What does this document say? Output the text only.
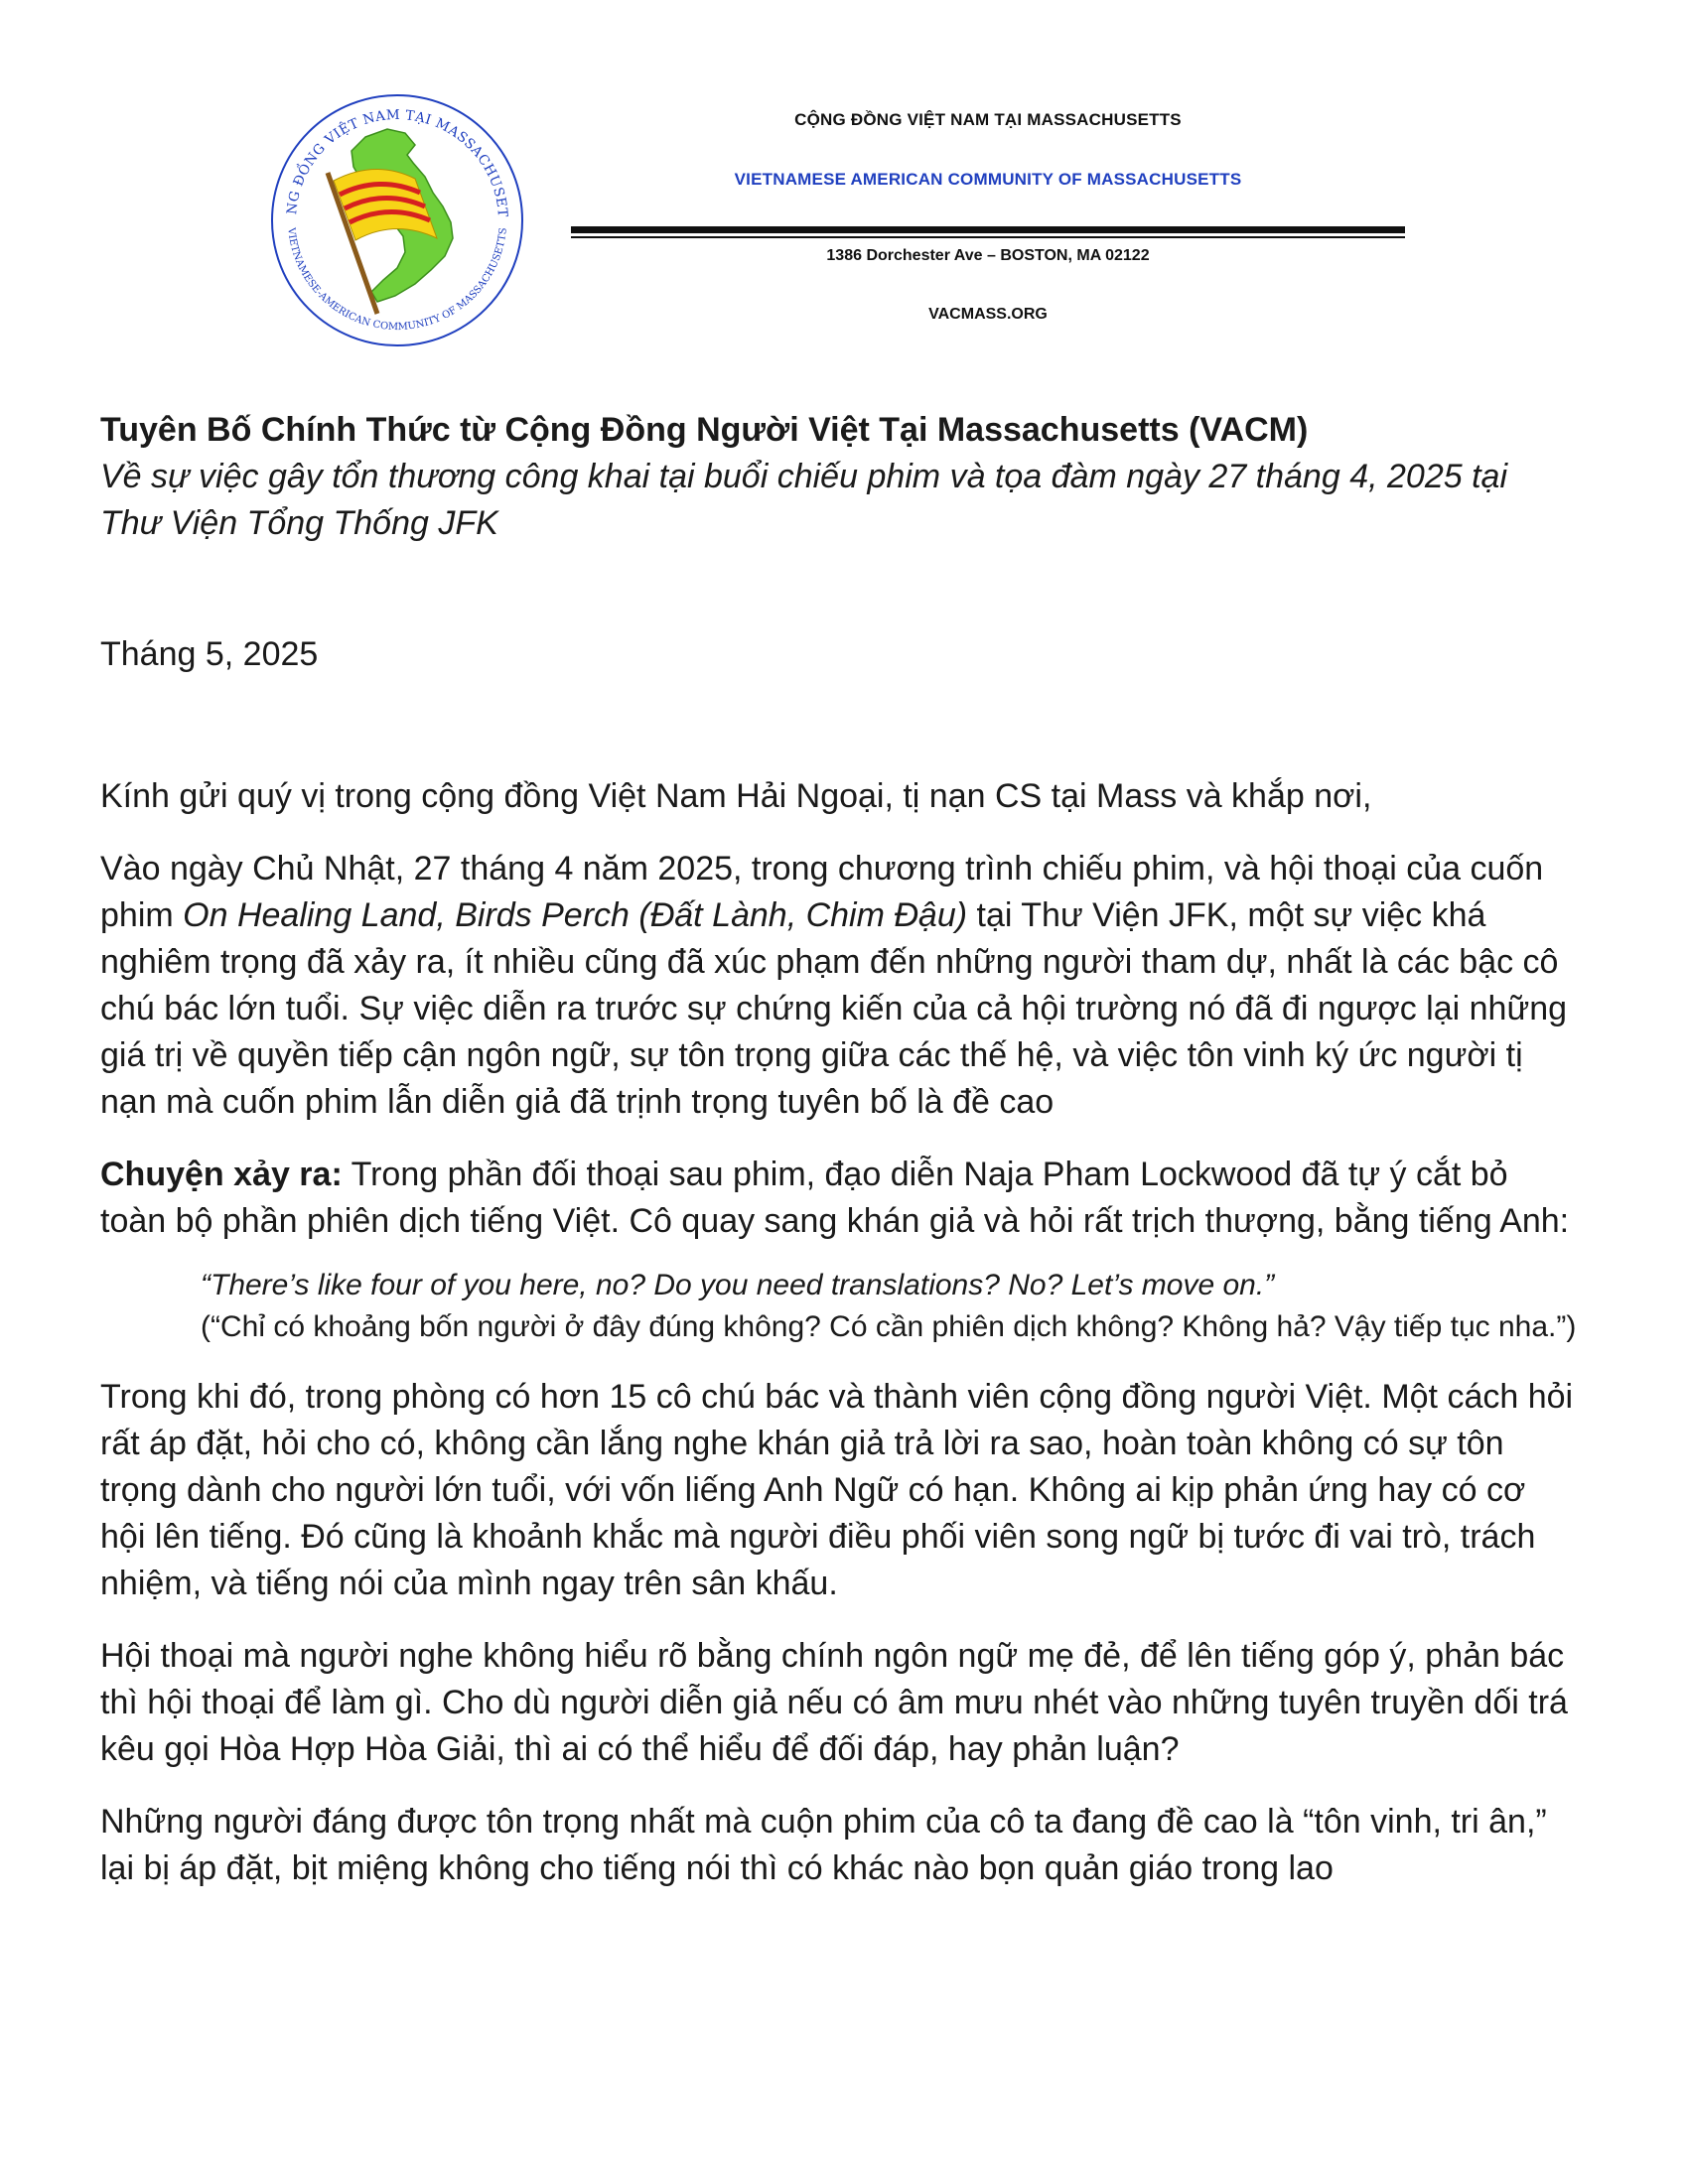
NG ĐỒNG VIỆT NAM TẠI MASSACHUSET
VIETNAMESE-AMERICAN COMMUNITY OF MASSACHUSETTS
CỘNG ĐỒNG VIỆT NAM TẠI MASSACHUSETTS
VIETNAMESE AMERICAN COMMUNITY OF MASSACHUSETTS
1386 Dorchester Ave – BOSTON, MA 02122
VACMASS.ORG

Tuyên Bố Chính Thức từ Cộng Đồng Người Việt Tại Massachusetts (VACM)

Về sự việc gây tổn thương công khai tại buổi chiếu phim và tọa đàm ngày 27 tháng 4, 2025 tại Thư Viện Tổng Thống JFK

Tháng 5, 2025

Kính gửi quý vị trong cộng đồng Việt Nam Hải Ngoại, tị nạn CS tại Mass và khắp nơi,

Vào ngày Chủ Nhật, 27 tháng 4 năm 2025, trong chương trình chiếu phim, và hội thoại của cuốn phim On Healing Land, Birds Perch (Đất Lành, Chim Đậu) tại Thư Viện JFK, một sự việc khá nghiêm trọng đã xảy ra, ít nhiều cũng đã xúc phạm đến những người tham dự, nhất là các bậc cô chú bác lớn tuổi. Sự việc diễn ra trước sự chứng kiến của cả hội trường nó đã đi ngược lại những giá trị về quyền tiếp cận ngôn ngữ, sự tôn trọng giữa các thế hệ, và việc tôn vinh ký ức người tị nạn mà cuốn phim lẫn diễn giả đã trịnh trọng tuyên bố là đề cao

Chuyện xảy ra: Trong phần đối thoại sau phim, đạo diễn Naja Pham Lockwood đã tự ý cắt bỏ toàn bộ phần phiên dịch tiếng Việt. Cô quay sang khán giả và hỏi rất trịch thượng, bằng tiếng Anh:

“There’s like four of you here, no? Do you need translations? No? Let’s move on.”
(“Chỉ có khoảng bốn người ở đây đúng không? Có cần phiên dịch không? Không hả? Vậy tiếp tục nha.”)

Trong khi đó, trong phòng có hơn 15 cô chú bác và thành viên cộng đồng người Việt. Một cách hỏi rất áp đặt, hỏi cho có, không cần lắng nghe khán giả trả lời ra sao, hoàn toàn không có sự tôn trọng dành cho người lớn tuổi, với vốn liếng Anh Ngữ có hạn. Không ai kịp phản ứng hay có cơ hội lên tiếng. Đó cũng là khoảnh khắc mà người điều phối viên song ngữ bị tước đi vai trò, trách nhiệm, và tiếng nói của mình ngay trên sân khấu.

Hội thoại mà người nghe không hiểu rõ bằng chính ngôn ngữ mẹ đẻ, để lên tiếng góp ý, phản bác thì hội thoại để làm gì. Cho dù người diễn giả nếu có âm mưu nhét vào những tuyên truyền dối trá kêu gọi Hòa Hợp Hòa Giải, thì ai có thể hiểu để đối đáp, hay phản luận?

Những người đáng được tôn trọng nhất mà cuộn phim của cô ta đang đề cao là “tôn vinh, tri ân,” lại bị áp đặt, bịt miệng không cho tiếng nói thì có khác nào bọn quản giáo trong lao
